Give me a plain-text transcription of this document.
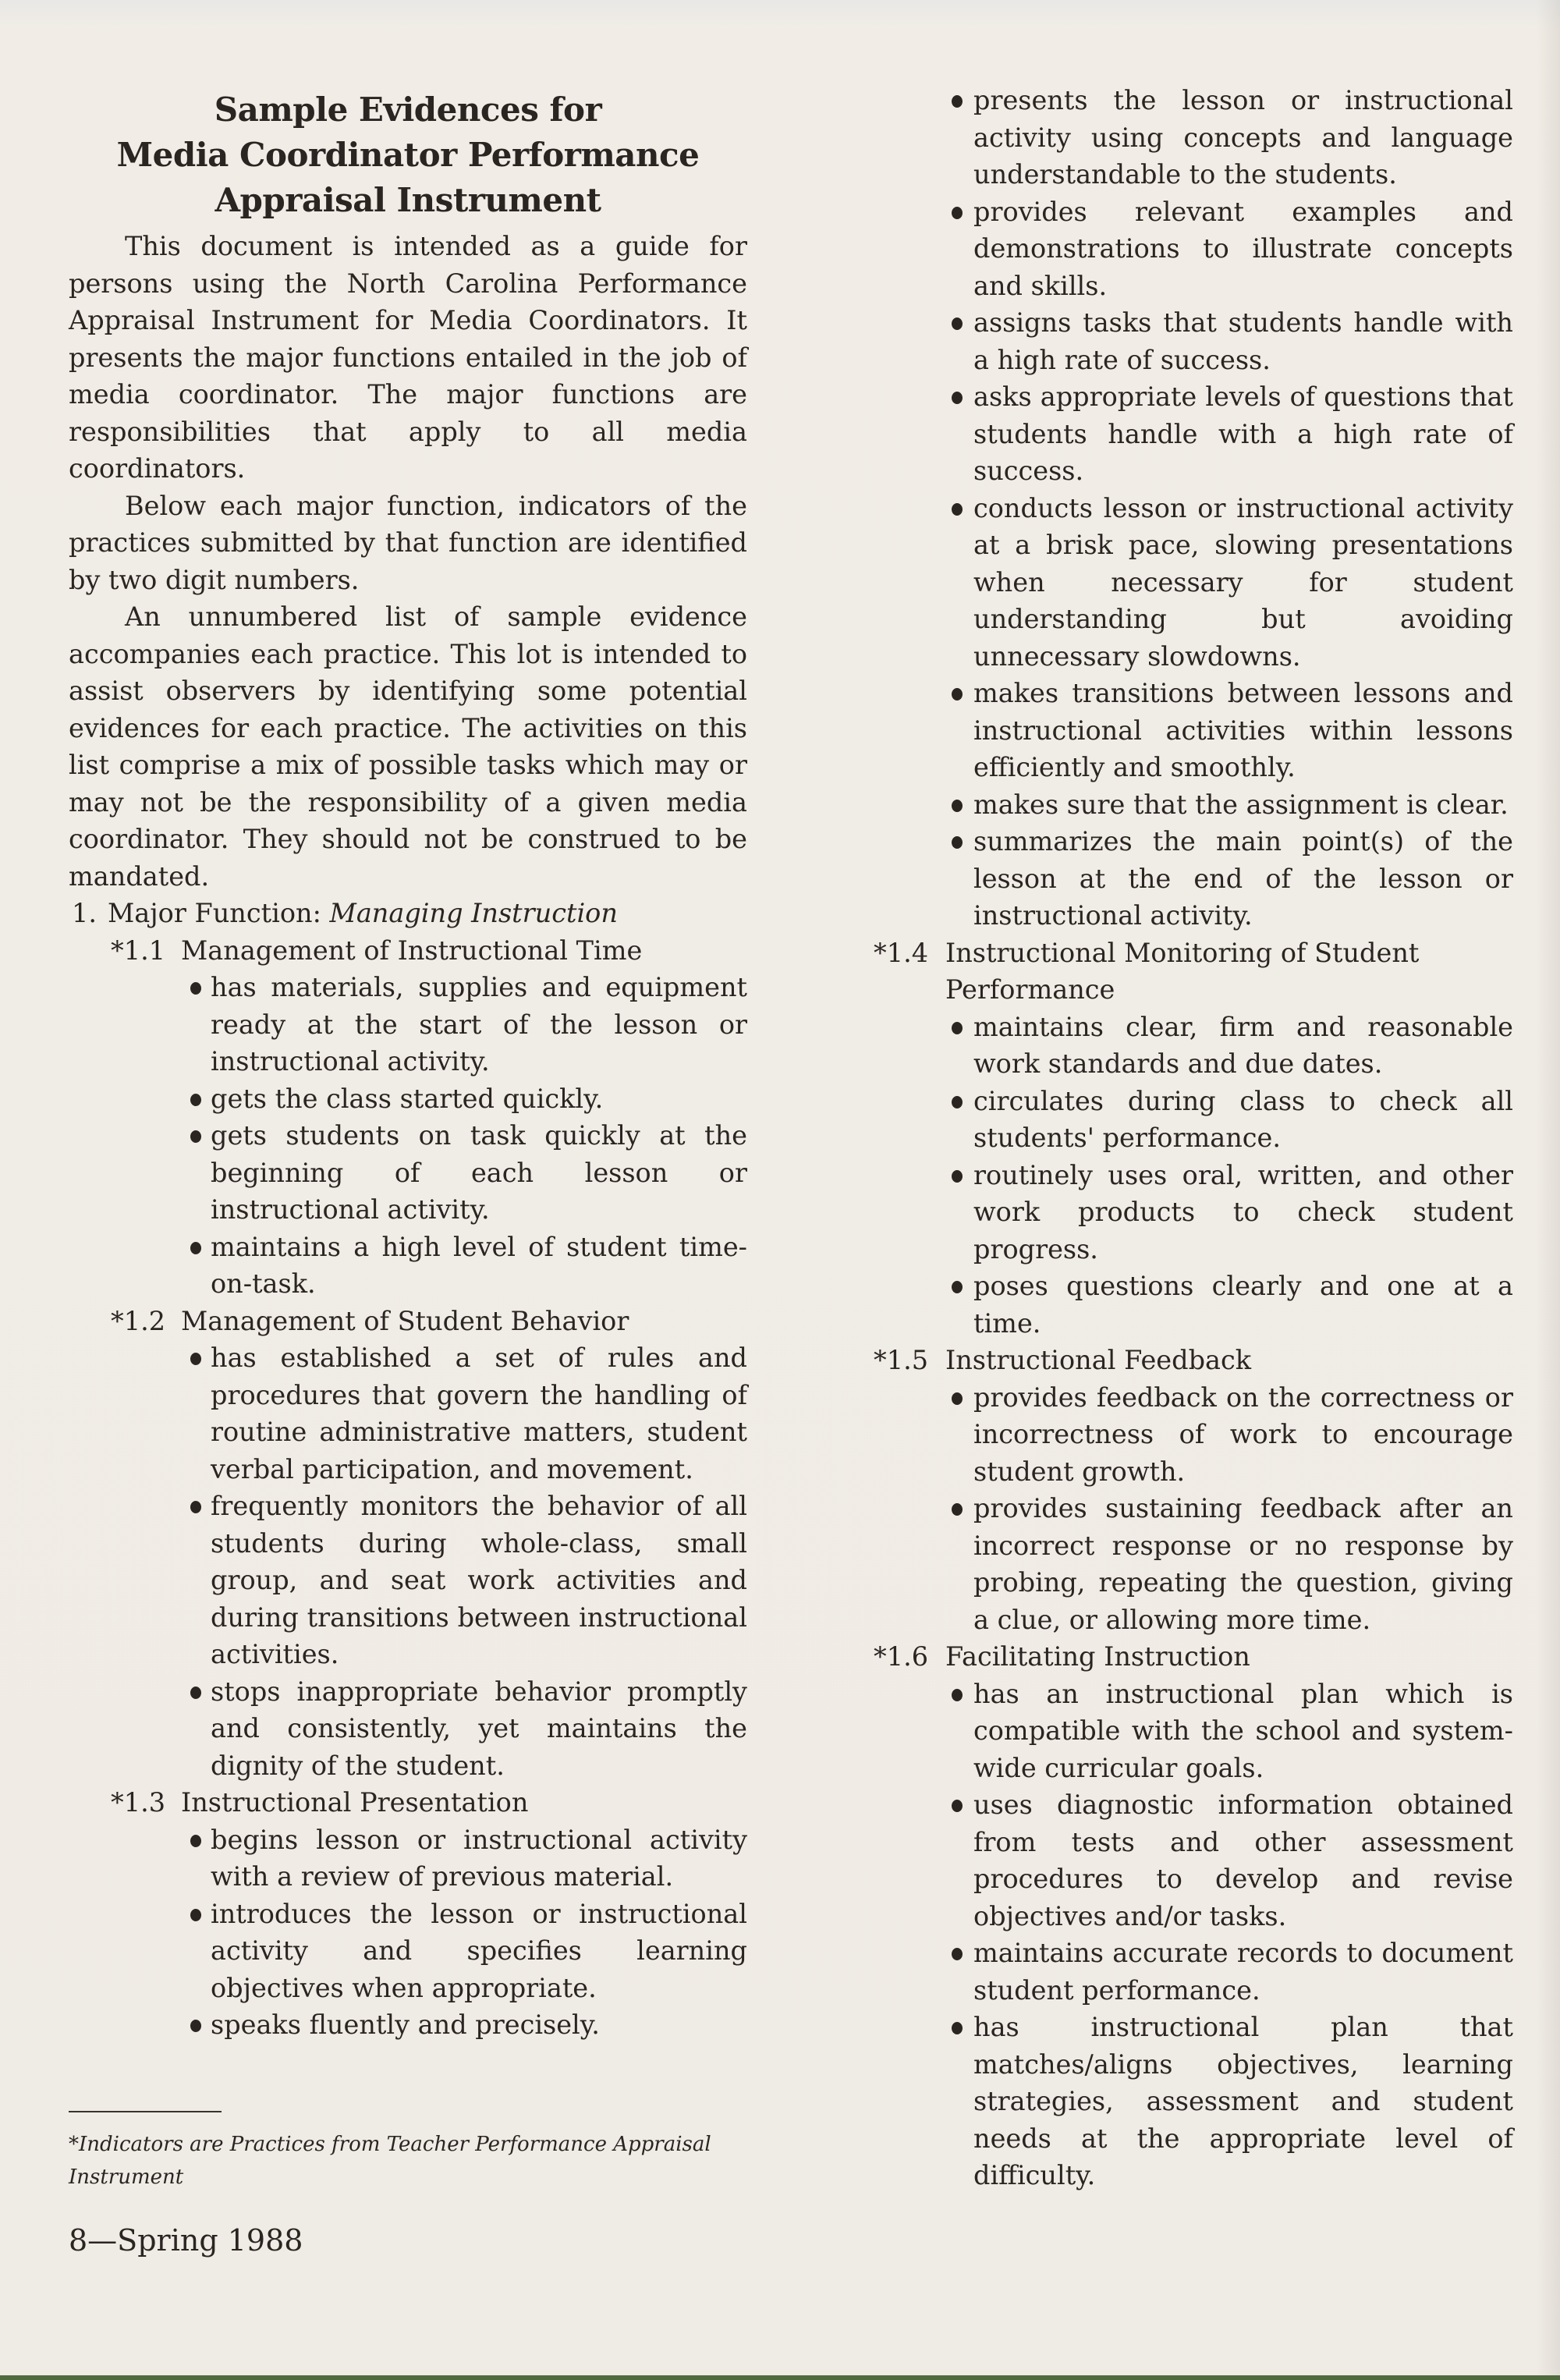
Sample Evidences for
Media Coordinator Performance
Appraisal Instrument

This document is intended as a guide for persons using the North Carolina Performance Appraisal Instrument for Media Coordinators. It presents the major functions entailed in the job of media coordinator. The major functions are responsibilities that apply to all media coordinators.

Below each major function, indicators of the practices submitted by that function are identified by two digit numbers.

An unnumbered list of sample evidence accompanies each practice. This lot is intended to assist observers by identifying some potential evidences for each practice. The activities on this list comprise a mix of possible tasks which may or may not be the responsibility of a given media coordinator. They should not be construed to be mandated.

1. Major Function: Managing Instruction
*1.1 Management of Instructional Time
has materials, supplies and equipment ready at the start of the lesson or instructional activity.
gets the class started quickly.
gets students on task quickly at the beginning of each lesson or instructional activity.
maintains a high level of student time-on-task.
*1.2 Management of Student Behavior
has established a set of rules and procedures that govern the handling of routine administrative matters, student verbal participation, and movement.
frequently monitors the behavior of all students during whole-class, small group, and seat work activities and during transitions between instructional activities.
stops inappropriate behavior promptly and consistently, yet maintains the dignity of the student.
*1.3 Instructional Presentation
begins lesson or instructional activity with a review of previous material.
introduces the lesson or instructional activity and specifies learning objectives when appropriate.
speaks fluently and precisely.

*Indicators are Practices from Teacher Performance Appraisal Instrument

8—Spring 1988
presents the lesson or instructional activity using concepts and language understandable to the students.
provides relevant examples and demonstrations to illustrate concepts and skills.
assigns tasks that students handle with a high rate of success.
asks appropriate levels of questions that students handle with a high rate of success.
conducts lesson or instructional activity at a brisk pace, slowing presentations when necessary for student understanding but avoiding unnecessary slowdowns.
makes transitions between lessons and instructional activities within lessons efficiently and smoothly.
makes sure that the assignment is clear.
summarizes the main point(s) of the lesson at the end of the lesson or instructional activity.
*1.4 Instructional Monitoring of Student Performance
maintains clear, firm and reasonable work standards and due dates.
circulates during class to check all students' performance.
routinely uses oral, written, and other work products to check student progress.
poses questions clearly and one at a time.
*1.5 Instructional Feedback
provides feedback on the correctness or incorrectness of work to encourage student growth.
provides sustaining feedback after an incorrect response or no response by probing, repeating the question, giving a clue, or allowing more time.
*1.6 Facilitating Instruction
has an instructional plan which is compatible with the school and system-wide curricular goals.
uses diagnostic information obtained from tests and other assessment procedures to develop and revise objectives and/or tasks.
maintains accurate records to document student performance.
has instructional plan that matches/aligns objectives, learning strategies, assessment and student needs at the appropriate level of difficulty.
